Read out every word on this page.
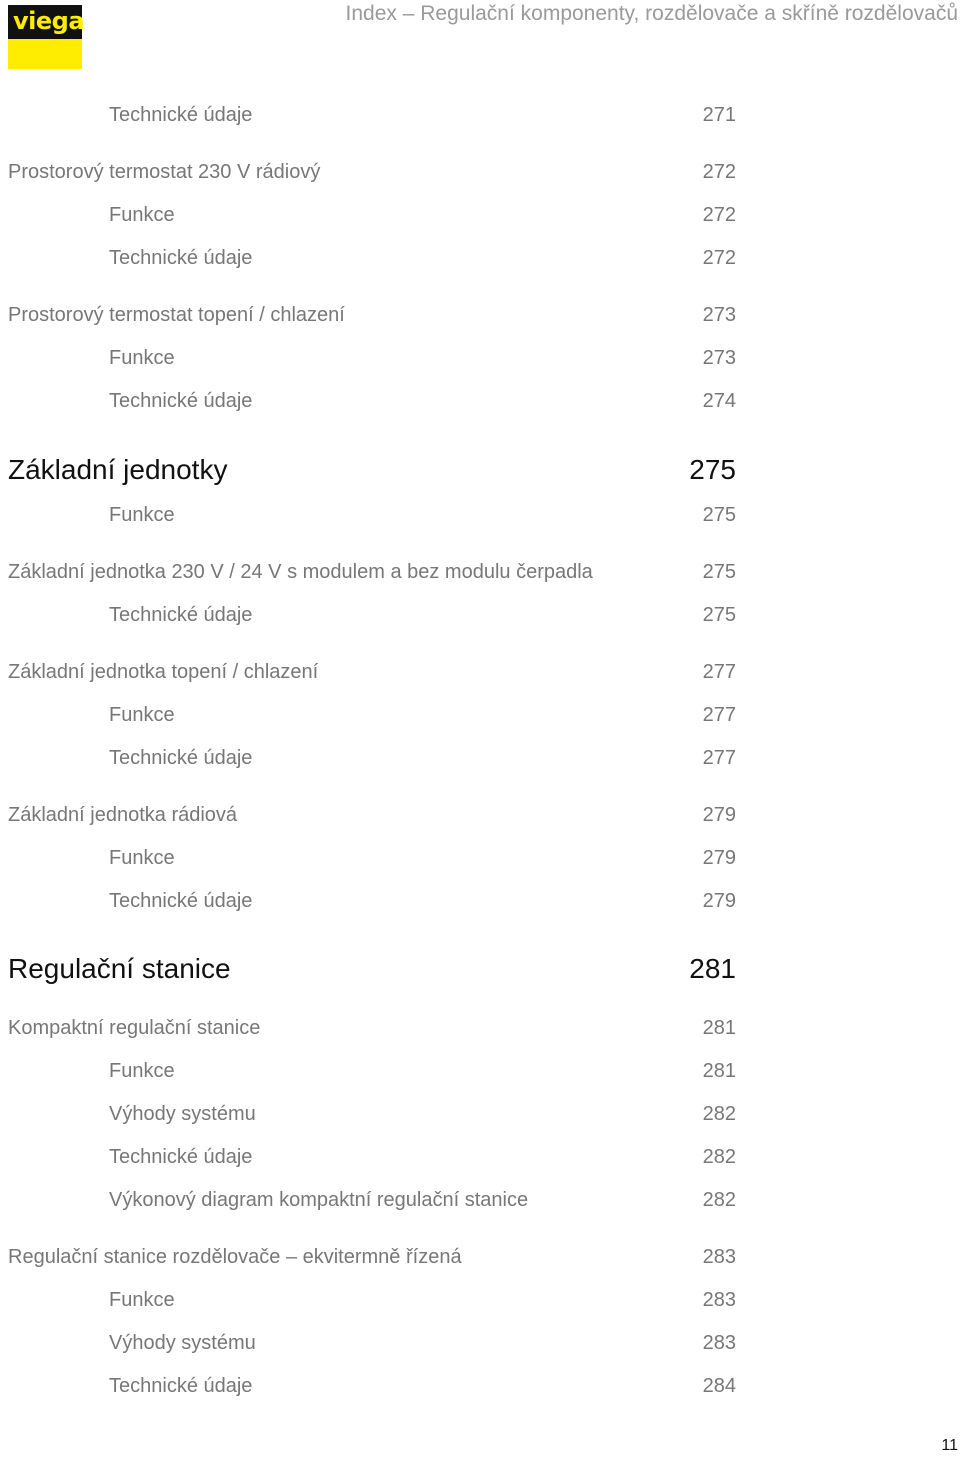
viega	Index – Regulační komponenty, rozdělovače a skříně rozdělovačů
Technické údaje	271
Prostorový termostat 230 V rádiový	272
Funkce	272
Technické údaje	272
Prostorový termostat topení / chlazení	273
Funkce	273
Technické údaje	274
Základní jednotky	275
Funkce	275
Základní jednotka 230 V / 24 V s modulem a bez modulu čerpadla	275
Technické údaje	275
Základní jednotka topení / chlazení	277
Funkce	277
Technické údaje	277
Základní jednotka rádiová	279
Funkce	279
Technické údaje	279
Regulační stanice	281
Kompaktní regulační stanice	281
Funkce	281
Výhody systému	282
Technické údaje	282
Výkonový diagram kompaktní regulační stanice	282
Regulační stanice rozdělovače – ekvitermně řízená	283
Funkce	283
Výhody systému	283
Technické údaje	284
11
